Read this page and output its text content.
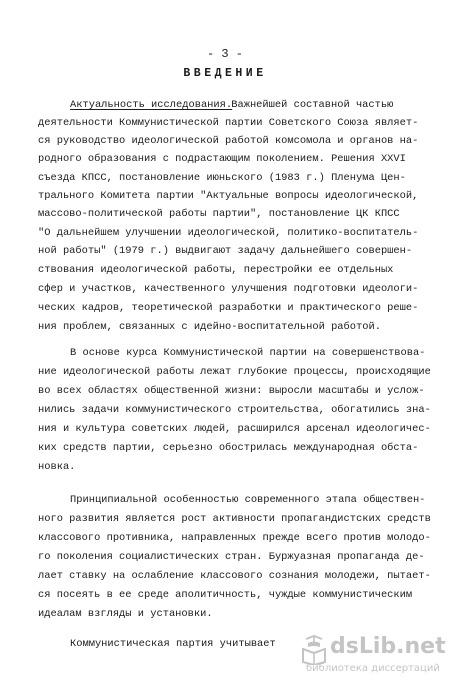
- 3 -
ВВЕДЕНИЕ
Актуальность исследования.
Важнейшей составной частью
деятельности Коммунистической партии Советского Союза являет-
ся руководство идеологической работой комсомола и органов на-
родного образования с подрастающим поколением. Решения XXVI
съезда КПСС, постановление июньского (1983 г.) Пленума Цен-
трального Комитета партии "Актуальные вопросы идеологической,
массово-политической работы партии", постановление ЦК КПСС
"О дальнейшем улучшении идеологической, политико-воспитатель-
ной работы" (1979 г.) выдвигают задачу дальнейшего совершен-
ствования идеологической работы, перестройки ее отдельных
сфер и участков, качественного улучшения подготовки идеологи-
ческих кадров, теоретической разработки и практического реше-
ния проблем, связанных с идейно-воспитательной работой.
В основе курса Коммунистической партии на совершенствова-
ние идеологической работы лежат глубокие процессы, происходящие
во всех областях общественной жизни: выросли масштабы и услож-
нились задачи коммунистического строительства, обогатились зна-
ния и культура советских людей, расширился арсенал идеологичес-
ких средств партии, серьезно обострилась международная обста-
новка.
Принципиальной особенностью современного этапа обществен-
ного развития является рост активности пропагандистских средств
классового противника, направленных прежде всего против молодо-
го поколения социалистических стран. Буржуазная пропаганда де-
лает ставку на ослабление классового сознания молодежи, пытает-
ся посеять в ее среде аполитичность, чуждые коммунистическим
идеалам взгляды и установки.
Коммунистическая партия учитывает dsLib.net
библиотека диссертаций
